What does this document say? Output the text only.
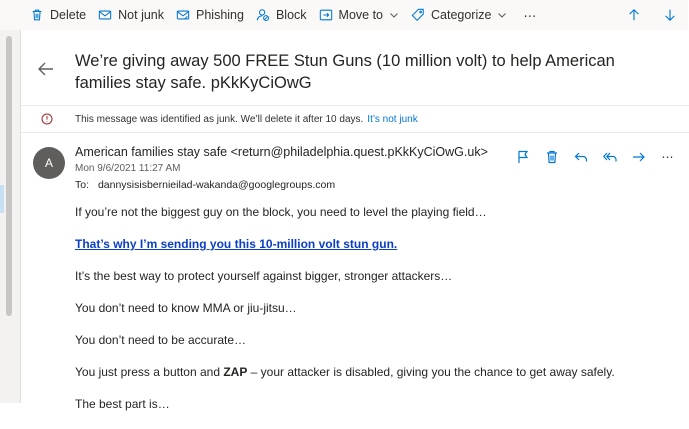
Delete	Not junk	Phishing	Block	Move to	Categorize	⋯
We’re giving away 500 FREE Stun Guns (10 million volt) to help American families stay safe. pKkKyCiOwG
This message was identified as junk. We’ll delete it after 10 days. It’s not junk
A
American families stay safe <return@philadelphia.quest.pKkKyCiOwG.uk>
Mon 9/6/2021 11:27 AM
To: dannysisisbernieilad-wakanda@googlegroups.com
⋯

If you’re not the biggest guy on the block, you need to level the playing field…

That’s why I’m sending you this 10-million volt stun gun.

It’s the best way to protect yourself against bigger, stronger attackers…

You don’t need to know MMA or jiu-jitsu…

You don’t need to be accurate…

You just press a button and ZAP – your attacker is disabled, giving you the chance to get away safely.

The best part is…
